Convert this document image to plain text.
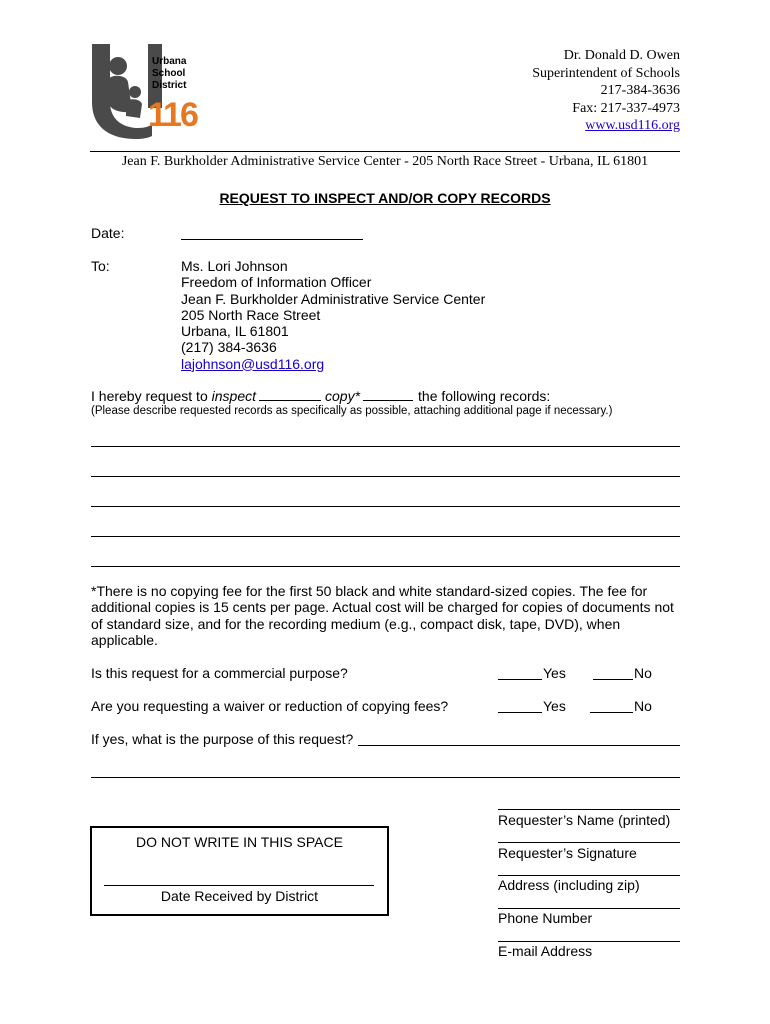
Urbana
School
District
116
Dr. Donald D. Owen
Superintendent of Schools
217-384-3636
Fax: 217-337-4973
www.usd116.org
Jean F. Burkholder Administrative Service Center - 205 North Race Street - Urbana, IL 61801
REQUEST TO INSPECT AND/OR COPY RECORDS
Date:
To:	Ms. Lori Johnson
Freedom of Information Officer
Jean F. Burkholder Administrative Service Center
205 North Race Street
Urbana, IL 61801
(217) 384-3636
lajohnson@usd116.org
I hereby request to inspect	copy*	the following records:
(Please describe requested records as specifically as possible, attaching additional page if necessary.)
*There is no copying fee for the first 50 black and white standard-sized copies. The fee for
additional copies is 15 cents per page. Actual cost will be charged for copies of documents not
of standard size, and for the recording medium (e.g., compact disk, tape, DVD), when
applicable.
Is this request for a commercial purpose?	Yes	No
Are you requesting a waiver or reduction of copying fees?	Yes	No
If yes, what is the purpose of this request?
DO NOT WRITE IN THIS SPACE
Date Received by District
Requester’s Name (printed)
Requester’s Signature
Address (including zip)
Phone Number
E-mail Address
